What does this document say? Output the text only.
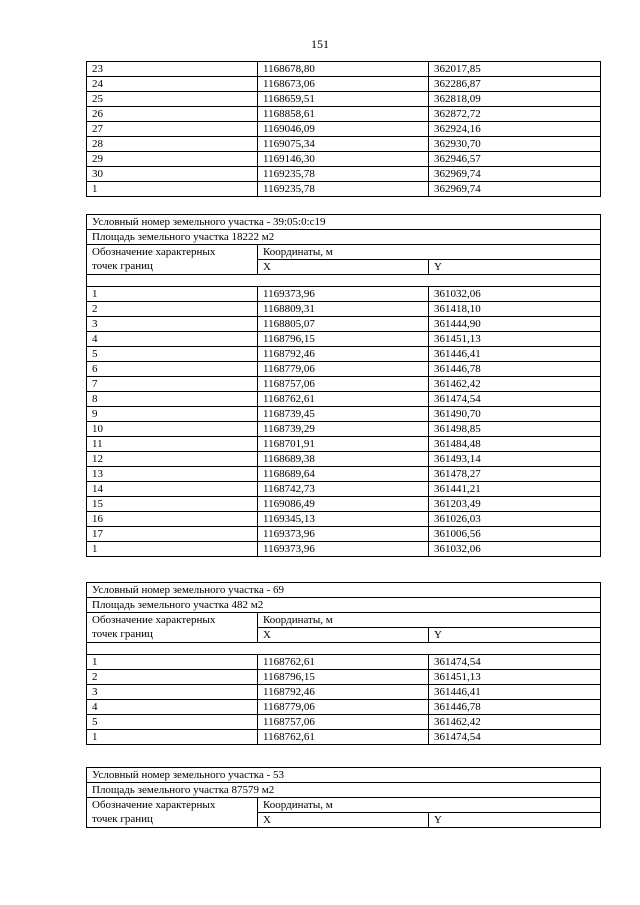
151
23	1168678,80	362017,85
24	1168673,06	362286,87
25	1168659,51	362818,09
26	1168858,61	362872,72
27	1169046,09	362924,16
28	1169075,34	362930,70
29	1169146,30	362946,57
30	1169235,78	362969,74
1	1169235,78	362969,74
Условный номер земельного участка - 39:05:0:c19		
Площадь земельного участка 18222 м2		
Обозначение характерных	Координаты, м	
точек границ	X	Y

1	1169373,96	361032,06
2	1168809,31	361418,10
3	1168805,07	361444,90
4	1168796,15	361451,13
5	1168792,46	361446,41
6	1168779,06	361446,78
7	1168757,06	361462,42
8	1168762,61	361474,54
9	1168739,45	361490,70
10	1168739,29	361498,85
11	1168701,91	361484,48
12	1168689,38	361493,14
13	1168689,64	361478,27
14	1168742,73	361441,21
15	1169086,49	361203,49
16	1169345,13	361026,03
17	1169373,96	361006,56
1	1169373,96	361032,06
Условный номер земельного участка - 69		
Площадь земельного участка 482 м2		
Обозначение характерных	Координаты, м	
точек границ	X	Y

1	1168762,61	361474,54
2	1168796,15	361451,13
3	1168792,46	361446,41
4	1168779,06	361446,78
5	1168757,06	361462,42
1	1168762,61	361474,54
Условный номер земельного участка - 53		
Площадь земельного участка 87579 м2		
Обозначение характерных	Координаты, м	
точек границ	X	Y
